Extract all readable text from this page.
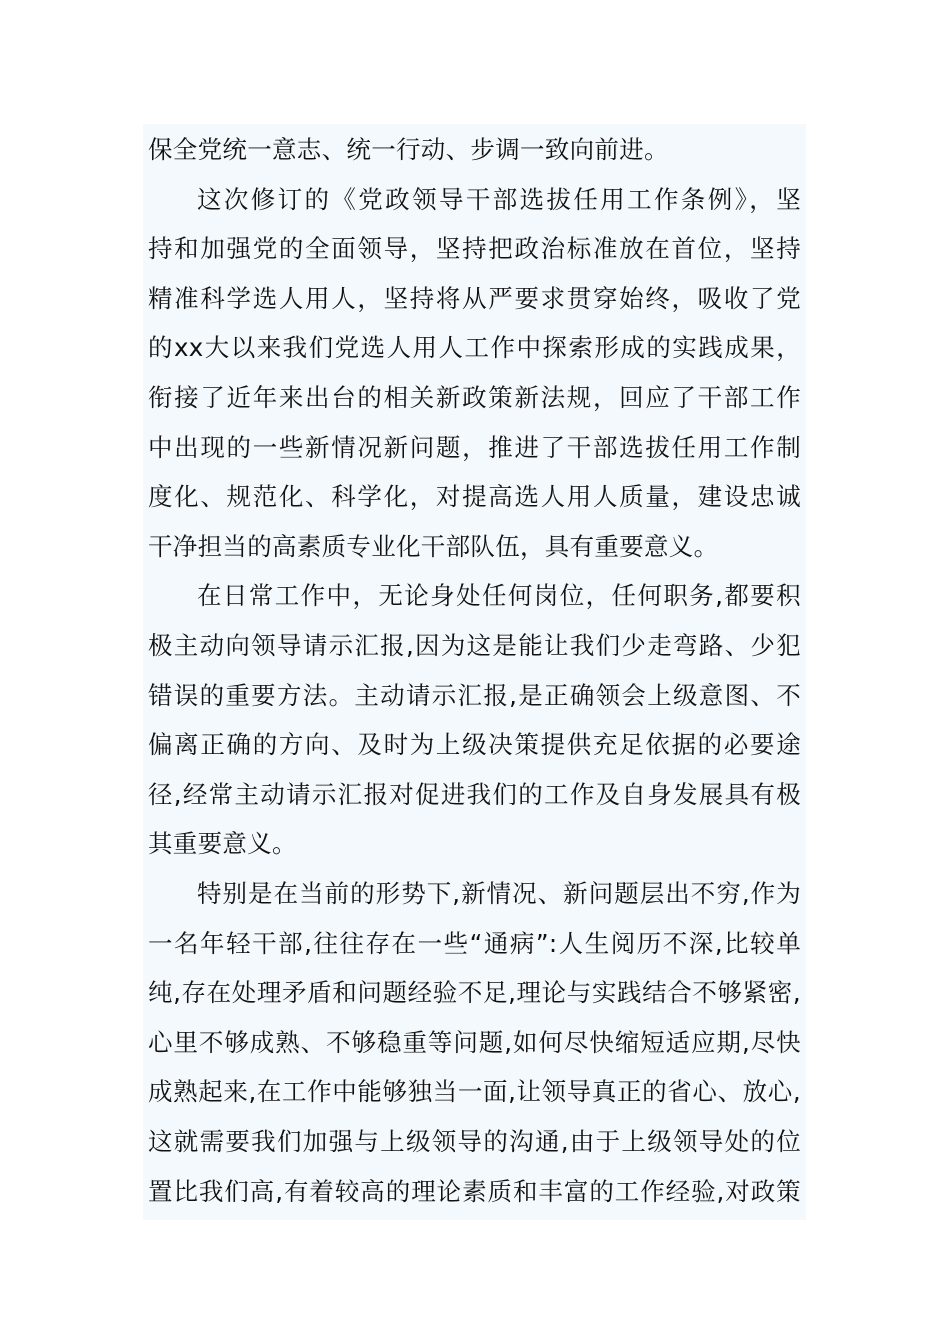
保全党统一意志、统一行动、步调一致向前进。
这次修订的《党政领导干部选拔任用工作条例》，坚
持和加强党的全面领导，坚持把政治标准放在首位，坚持
精准科学选人用人，坚持将从严要求贯穿始终，吸收了党
的xx大以来我们党选人用人工作中探索形成的实践成果，
衔接了近年来出台的相关新政策新法规，回应了干部工作
中出现的一些新情况新问题，推进了干部选拔任用工作制
度化、规范化、科学化，对提高选人用人质量，建设忠诚
干净担当的高素质专业化干部队伍，具有重要意义。
在日常工作中，无论身处任何岗位，任何职务,都要积
极主动向领导请示汇报,因为这是能让我们少走弯路、少犯
错误的重要方法。主动请示汇报,是正确领会上级意图、不
偏离正确的方向、及时为上级决策提供充足依据的必要途
径,经常主动请示汇报对促进我们的工作及自身发展具有极
其重要意义。
特别是在当前的形势下,新情况、新问题层出不穷,作为
一名年轻干部,往往存在一些“通病”:人生阅历不深,比较单
纯,存在处理矛盾和问题经验不足,理论与实践结合不够紧密,
心里不够成熟、不够稳重等问题,如何尽快缩短适应期,尽快
成熟起来,在工作中能够独当一面,让领导真正的省心、放心,
这就需要我们加强与上级领导的沟通,由于上级领导处的位
置比我们高,有着较高的理论素质和丰富的工作经验,对政策
